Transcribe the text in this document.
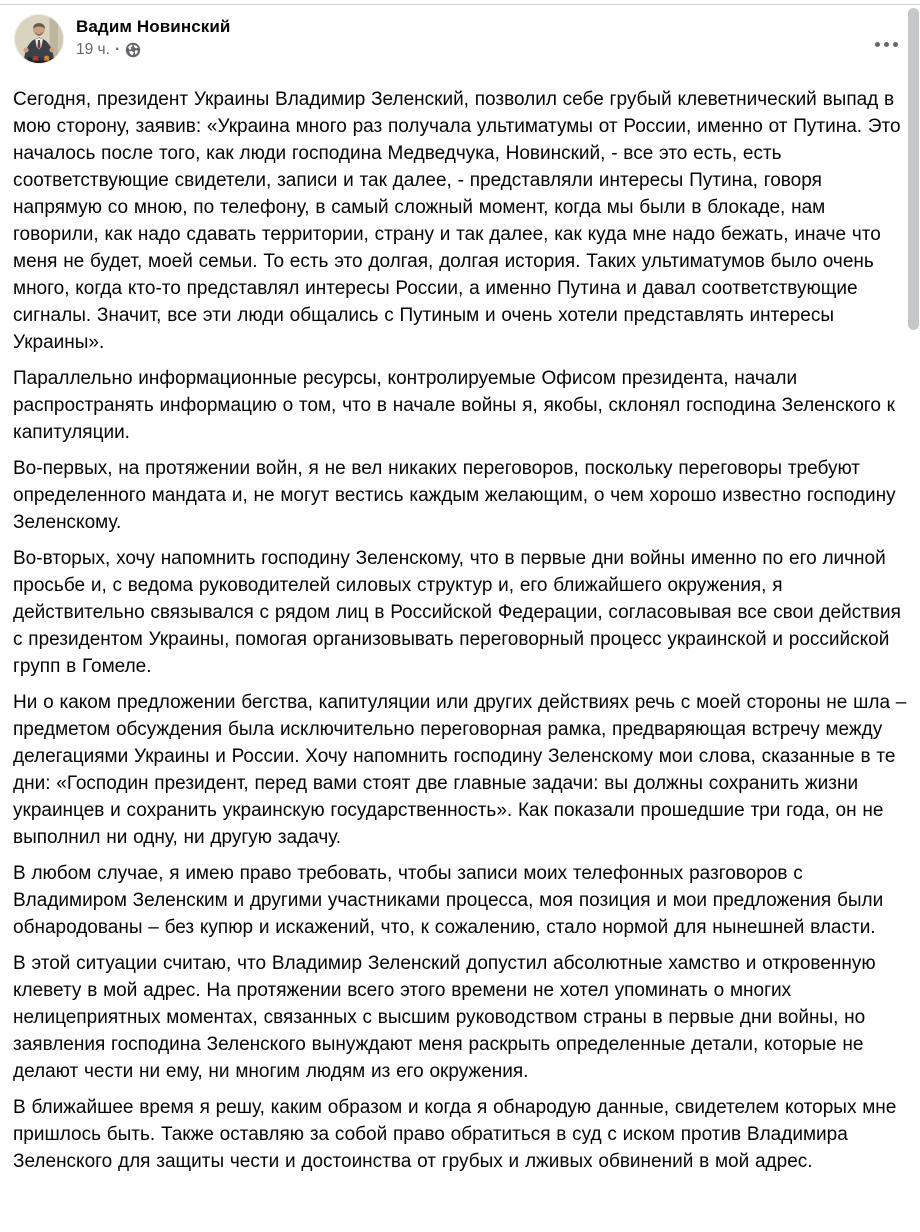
Вадим Новинский
19 ч. ·

Сегодня, президент Украины Владимир Зеленский, позволил себе грубый клеветнический выпад в мою сторону, заявив: «Украина много раз получала ультиматумы от России, именно от Путина. Это началось после того, как люди господина Медведчука, Новинский, - все это есть, есть соответствующие свидетели, записи и так далее, - представляли интересы Путина, говоря напрямую со мною, по телефону, в самый сложный момент, когда мы были в блокаде, нам говорили, как надо сдавать территории, страну и так далее, как куда мне надо бежать, иначе что меня не будет, моей семьи. То есть это долгая, долгая история. Таких ультиматумов было очень много, когда кто-то представлял интересы России, а именно Путина и давал соответствующие сигналы. Значит, все эти люди общались с Путиным и очень хотели представлять интересы Украины».

Параллельно информационные ресурсы, контролируемые Офисом президента, начали распространять информацию о том, что в начале войны я, якобы, склонял господина Зеленского к капитуляции.

Во-первых, на протяжении войн, я не вел никаких переговоров, поскольку переговоры требуют определенного мандата и, не могут вестись каждым желающим, о чем хорошо известно господину Зеленскому.

Во-вторых, хочу напомнить господину Зеленскому, что в первые дни войны именно по его личной просьбе и, с ведома руководителей силовых структур и, его ближайшего окружения, я действительно связывался с рядом лиц в Российской Федерации, согласовывая все свои действия с президентом Украины, помогая организовывать переговорный процесс украинской и российской групп в Гомеле.

Ни о каком предложении бегства, капитуляции или других действиях речь с моей стороны не шла – предметом обсуждения была исключительно переговорная рамка, предваряющая встречу между делегациями Украины и России. Хочу напомнить господину Зеленскому мои слова, сказанные в те дни: «Господин президент, перед вами стоят две главные задачи: вы должны сохранить жизни украинцев и сохранить украинскую государственность». Как показали прошедшие три года, он не выполнил ни одну, ни другую задачу.

В любом случае, я имею право требовать, чтобы записи моих телефонных разговоров с Владимиром Зеленским и другими участниками процесса, моя позиция и мои предложения были обнародованы – без купюр и искажений, что, к сожалению, стало нормой для нынешней власти.

В этой ситуации считаю, что Владимир Зеленский допустил абсолютные хамство и откровенную клевету в мой адрес. На протяжении всего этого времени не хотел упоминать о многих нелицеприятных моментах, связанных с высшим руководством страны в первые дни войны, но заявления господина Зеленского вынуждают меня раскрыть определенные детали, которые не делают чести ни ему, ни многим людям из его окружения.

В ближайшее время я решу, каким образом и когда я обнародую данные, свидетелем которых мне пришлось быть. Также оставляю за собой право обратиться в суд с иском против Владимира Зеленского для защиты чести и достоинства от грубых и лживых обвинений в мой адрес.
